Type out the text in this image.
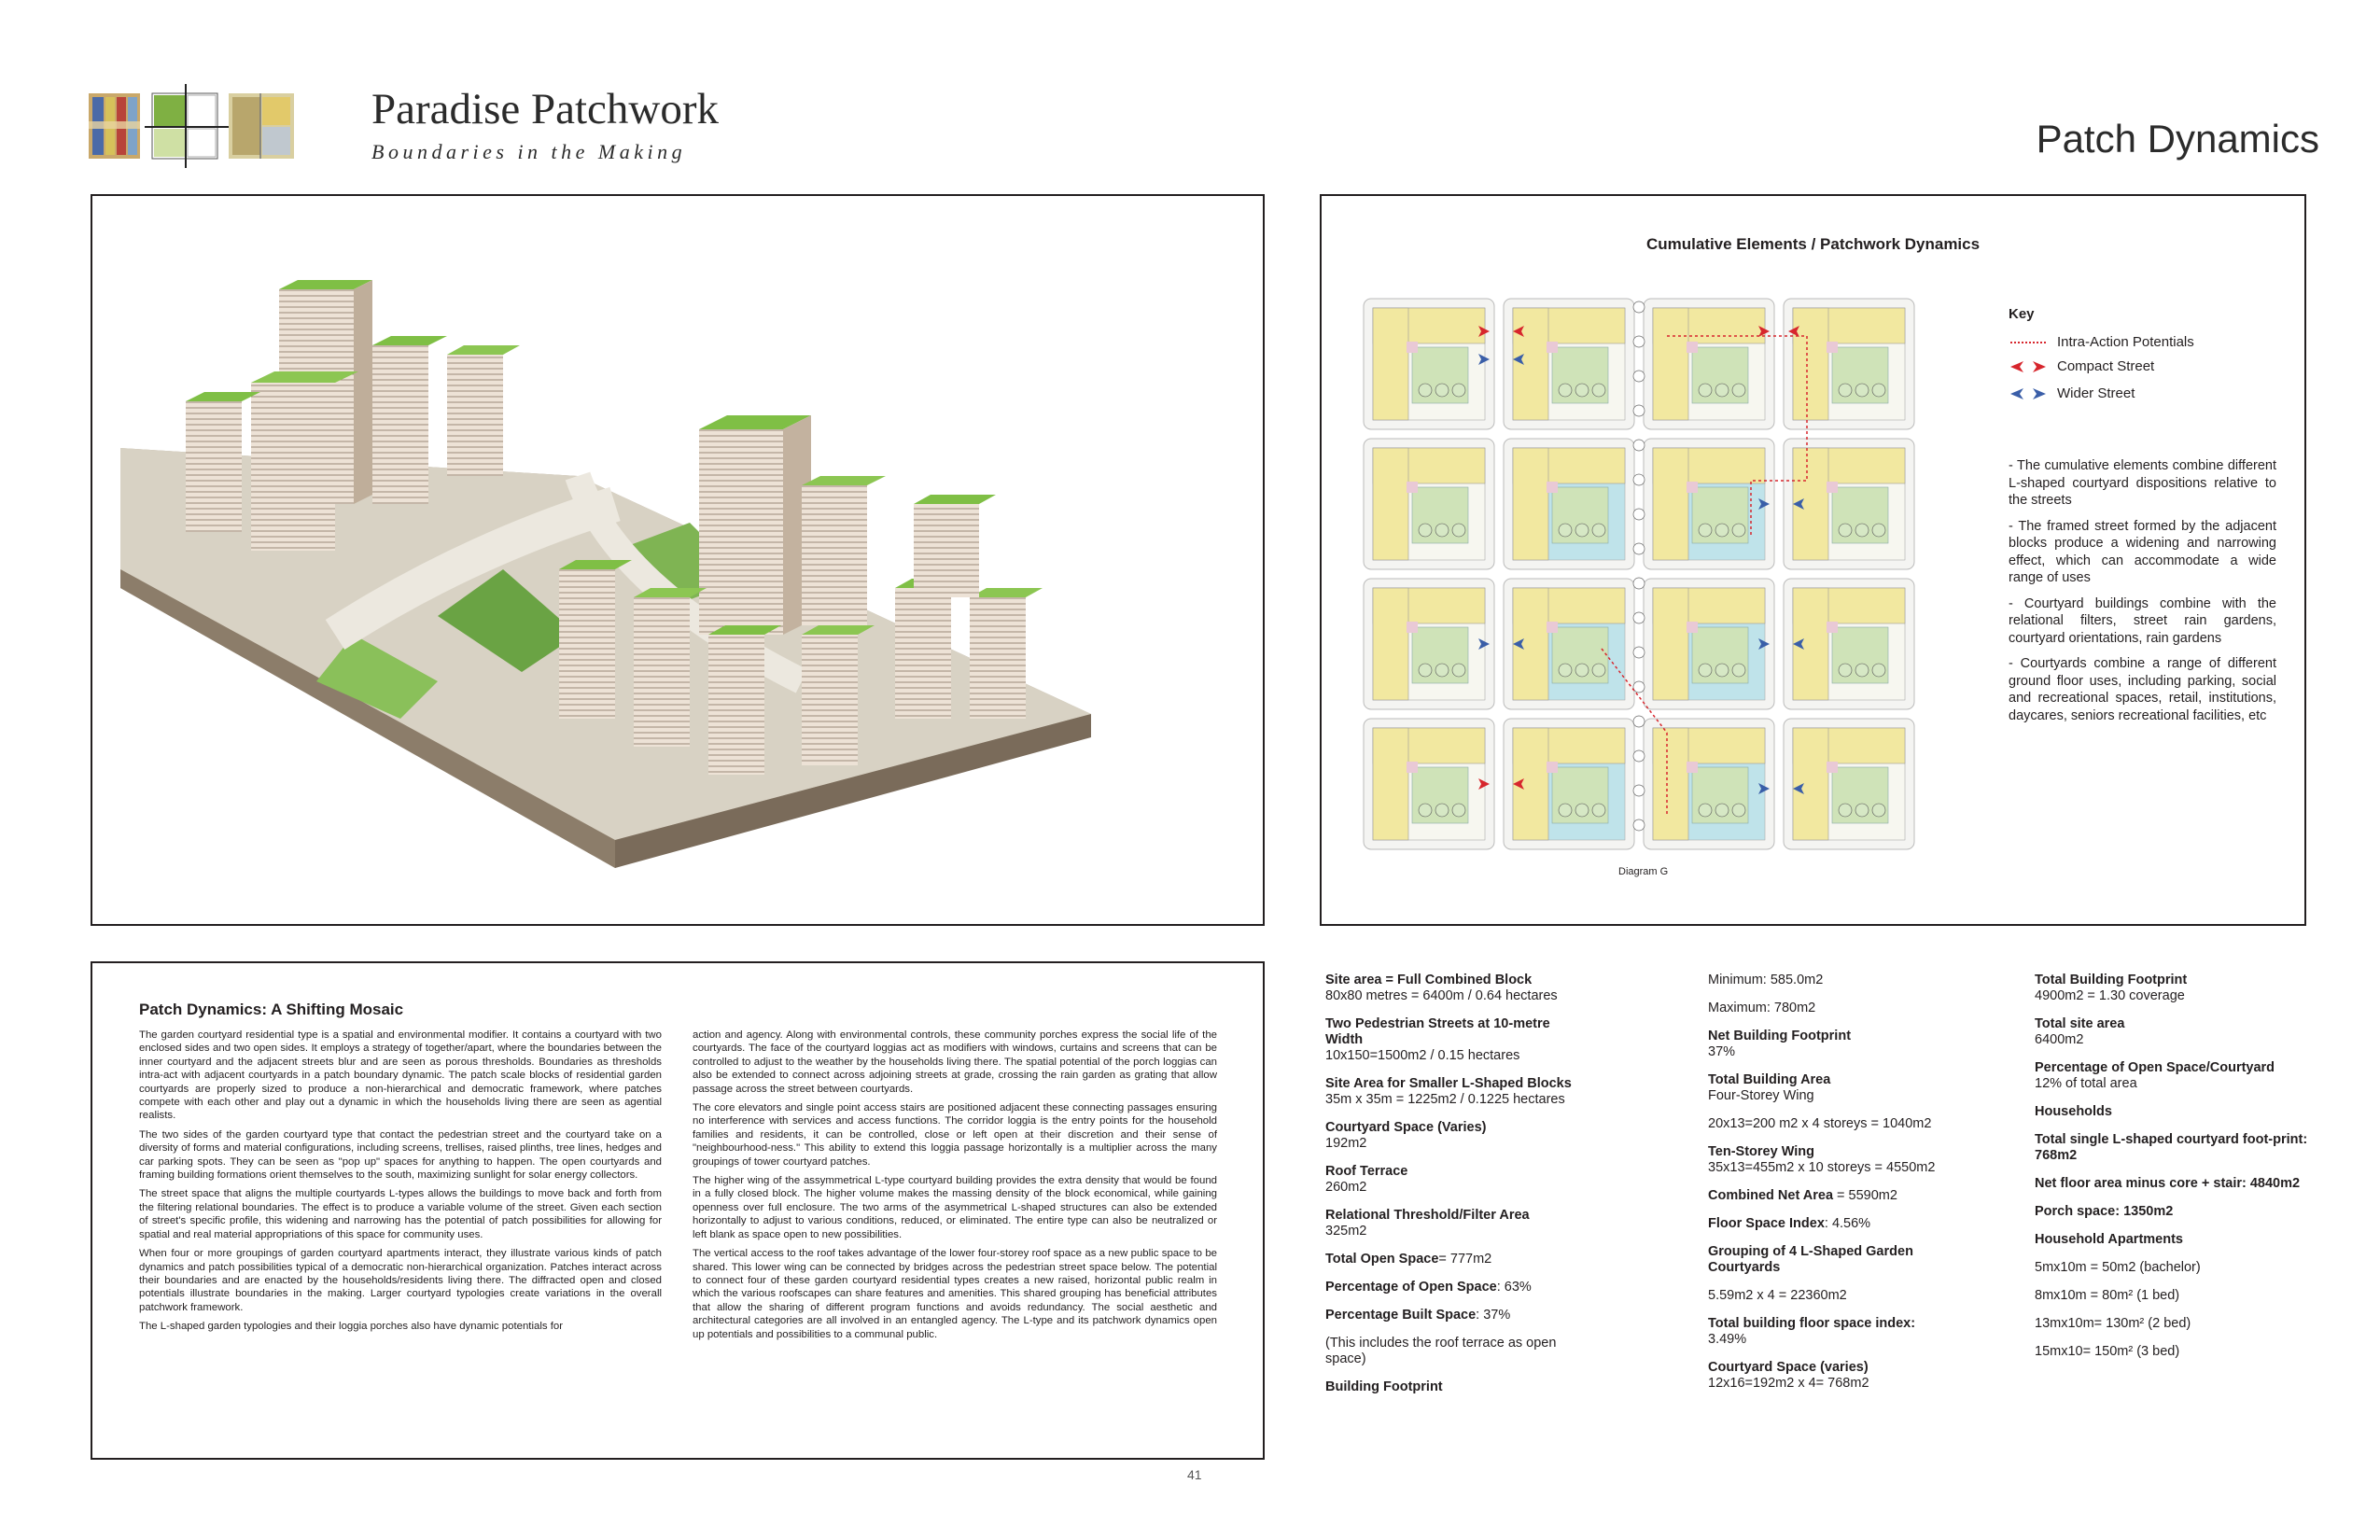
Paradise Patchwork
Boundaries in the Making	Patch Dynamics
Cumulative Elements / Patchwork Dynamics
Diagram G
Key
Intra-Action Potentials
Compact Street
Wider Street

- The cumulative elements combine different L-shaped courtyard dispositions relative to the streets

- The framed street formed by the adjacent blocks produce a widening and narrowing effect, which can accommodate a wide range of uses

- Courtyard buildings combine with the relational filters, street rain gardens, courtyard orientations, rain gardens

- Courtyards combine a range of different ground floor uses, including parking, social and recreational spaces, retail, institutions, daycares, seniors recreational facilities, etc

Patch Dynamics: A Shifting Mosaic

The garden courtyard residential type is a spatial and environmental modifier. It contains a courtyard with two enclosed sides and two open sides. It employs a strategy of together/apart, where the boundaries between the inner courtyard and the adjacent streets blur and are seen as porous thresholds. Boundaries as thresholds intra-act with adjacent courtyards in a patch boundary dynamic. The patch scale blocks of residential garden courtyards are properly sized to produce a non-hierarchical and democratic framework, where patches compete with each other and play out a dynamic in which the households living there are seen as agential realists.

The two sides of the garden courtyard type that contact the pedestrian street and the courtyard take on a diversity of forms and material configurations, including screens, trellises, raised plinths, tree lines, hedges and car parking spots. They can be seen as "pop up" spaces for anything to happen. The open courtyards and framing building formations orient themselves to the south, maximizing sunlight for solar energy collectors.

The street space that aligns the multiple courtyards L-types allows the buildings to move back and forth from the filtering relational boundaries. The effect is to produce a variable volume of the street. Given each section of street's specific profile, this widening and narrowing has the potential of patch possibilities for allowing for spatial and real material appropriations of this space for community uses.

When four or more groupings of garden courtyard apartments interact, they illustrate various kinds of patch dynamics and patch possibilities typical of a democratic non-hierarchical organization. Patches interact across their boundaries and are enacted by the households/residents living there. The diffracted open and closed potentials illustrate boundaries in the making. Larger courtyard typologies create variations in the overall patchwork framework.

The L-shaped garden typologies and their loggia porches also have dynamic potentials for

action and agency. Along with environmental controls, these community porches express the social life of the courtyards. The face of the courtyard loggias act as modifiers with windows, curtains and screens that can be controlled to adjust to the weather by the households living there. The spatial potential of the porch loggias can also be extended to connect across adjoining streets at grade, crossing the rain garden as grating that allow passage across the street between courtyards.

The core elevators and single point access stairs are positioned adjacent these connecting passages ensuring no interference with services and access functions. The corridor loggia is the entry points for the household families and residents, it can be controlled, close or left open at their discretion and their sense of "neighbourhood-ness." This ability to extend this loggia passage horizontally is a multiplier across the many groupings of tower courtyard patches.

The higher wing of the assymmetrical L-type courtyard building provides the extra density that would be found in a fully closed block. The higher volume makes the massing density of the block economical, while gaining openness over full enclosure. The two arms of the asymmetrical L-shaped structures can also be extended horizontally to adjust to various conditions, reduced, or eliminated. The entire type can also be neutralized or left blank as space open to new possibilities.

The vertical access to the roof takes advantage of the lower four-storey roof space as a new public space to be shared. This lower wing can be connected by bridges across the pedestrian street space below. The potential to connect four of these garden courtyard residential types creates a new raised, horizontal public realm in which the various roofscapes can share features and amenities. This shared grouping has beneficial attributes that allow the sharing of different program functions and avoids redundancy. The social aesthetic and architectural categories are all involved in an entangled agency. The L-type and its patchwork dynamics open up potentials and possibilities to a communal public.

Site area = Full Combined Block
80x80 metres = 6400m / 0.64 hectares
Two Pedestrian Streets at 10-metre Width
10x150=1500m2 / 0.15 hectares
Site Area for Smaller L-Shaped Blocks
35m x 35m = 1225m2 / 0.1225 hectares
Courtyard Space (Varies)
192m2
Roof Terrace
260m2
Relational Threshold/Filter Area
325m2
Total Open Space= 777m2
Percentage of Open Space: 63%
Percentage Built Space: 37%
(This includes the roof terrace as open space)
Building Footprint
Minimum: 585.0m2
Maximum: 780m2
Net Building Footprint
37%
Total Building Area
Four-Storey Wing
20x13=200 m2 x 4 storeys = 1040m2
Ten-Storey Wing
35x13=455m2 x 10 storeys = 4550m2
Combined Net Area = 5590m2
Floor Space Index: 4.56%
Grouping of 4 L-Shaped Garden Courtyards
5.59m2 x 4 = 22360m2
Total building floor space index:
3.49%
Courtyard Space (varies)
12x16=192m2 x 4= 768m2
Total Building Footprint
4900m2 = 1.30 coverage
Total site area
6400m2
Percentage of Open Space/Courtyard
12% of total area
Households
Total single L-shaped courtyard foot-print: 768m2
Net floor area minus core + stair: 4840m2
Porch space: 1350m2
Household Apartments
5mx10m = 50m2 (bachelor)
8mx10m = 80m² (1 bed)
13mx10m= 130m² (2 bed)
15mx10= 150m² (3 bed)
41
